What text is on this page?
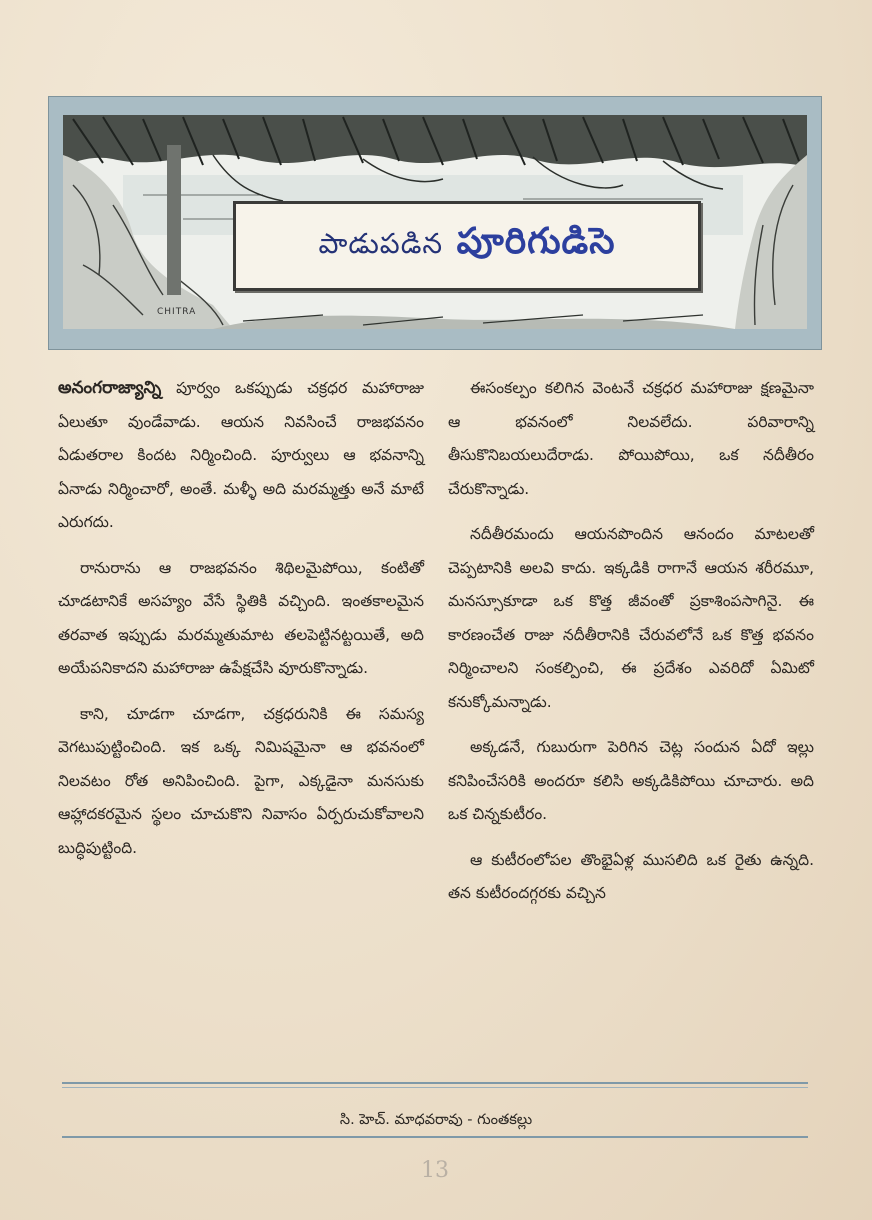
పాడుపడిన పూరిగుడిసె
CHITRA

అనంగరాజ్యాన్ని పూర్వం ఒకప్పుడు చక్రధర మహారాజు ఏలుతూ వుండేవాడు. ఆయన నివసించే రాజభవనం ఏడుతరాల కిందట నిర్మించింది. పూర్వులు ఆ భవనాన్ని ఏనాడు నిర్మించారో, అంతే. మళ్ళీ అది మరమ్మత్తు అనే మాటే ఎరుగదు.

రానురాను ఆ రాజభవనం శిథిలమైపోయి, కంటితో చూడటానికే అసహ్యం వేసే స్థితికి వచ్చింది. ఇంతకాలమైన తరవాత ఇప్పుడు మరమ్మతుమాట తలపెట్టినట్టయితే, అది అయేపనికాదని మహారాజు ఉపేక్షచేసి వూరుకొన్నాడు.

కాని, చూడగా చూడగా, చక్రధరునికి ఈ సమస్య వెగటుపుట్టించింది. ఇక ఒక్క నిమిషమైనా ఆ భవనంలో నిలవటం రోత అనిపించింది. పైగా, ఎక్కడైనా మనసుకు ఆహ్లాదకరమైన స్థలం చూచుకొని నివాసం ఏర్పరుచుకోవాలని బుద్ధిపుట్టింది.

ఈసంకల్పం కలిగిన వెంటనే చక్రధర మహారాజు క్షణమైనా ఆ భవనంలో నిలవలేదు. పరివారాన్ని తీసుకొనిబయలుదేరాడు. పోయిపోయి, ఒక నదీతీరం చేరుకొన్నాడు.

నదీతీరమందు ఆయనపొందిన ఆనందం మాటలతో చెప్పటానికి అలవి కాదు. ఇక్కడికి రాగానే ఆయన శరీరమూ, మనస్సూకూడా ఒక కొత్త జీవంతో ప్రకాశింపసాగినై. ఈ కారణంచేత రాజు నదీతీరానికి చేరువలోనే ఒక కొత్త భవనం నిర్మించాలని సంకల్పించి, ఈ ప్రదేశం ఎవరిదో ఏమిటో కనుక్కోమన్నాడు.

అక్కడనే, గుబురుగా పెరిగిన చెట్ల సందున ఏదో ఇల్లు కనిపించేసరికి అందరూ కలిసి అక్కడికిపోయి చూచారు. అది ఒక చిన్నకుటీరం.

ఆ కుటీరంలోపల తొంభైఏళ్ల ముసలిది ఒక రైతు ఉన్నది. తన కుటీరందగ్గరకు వచ్చిన

సి. హెచ్. మాధవరావు - గుంతకల్లు
13
